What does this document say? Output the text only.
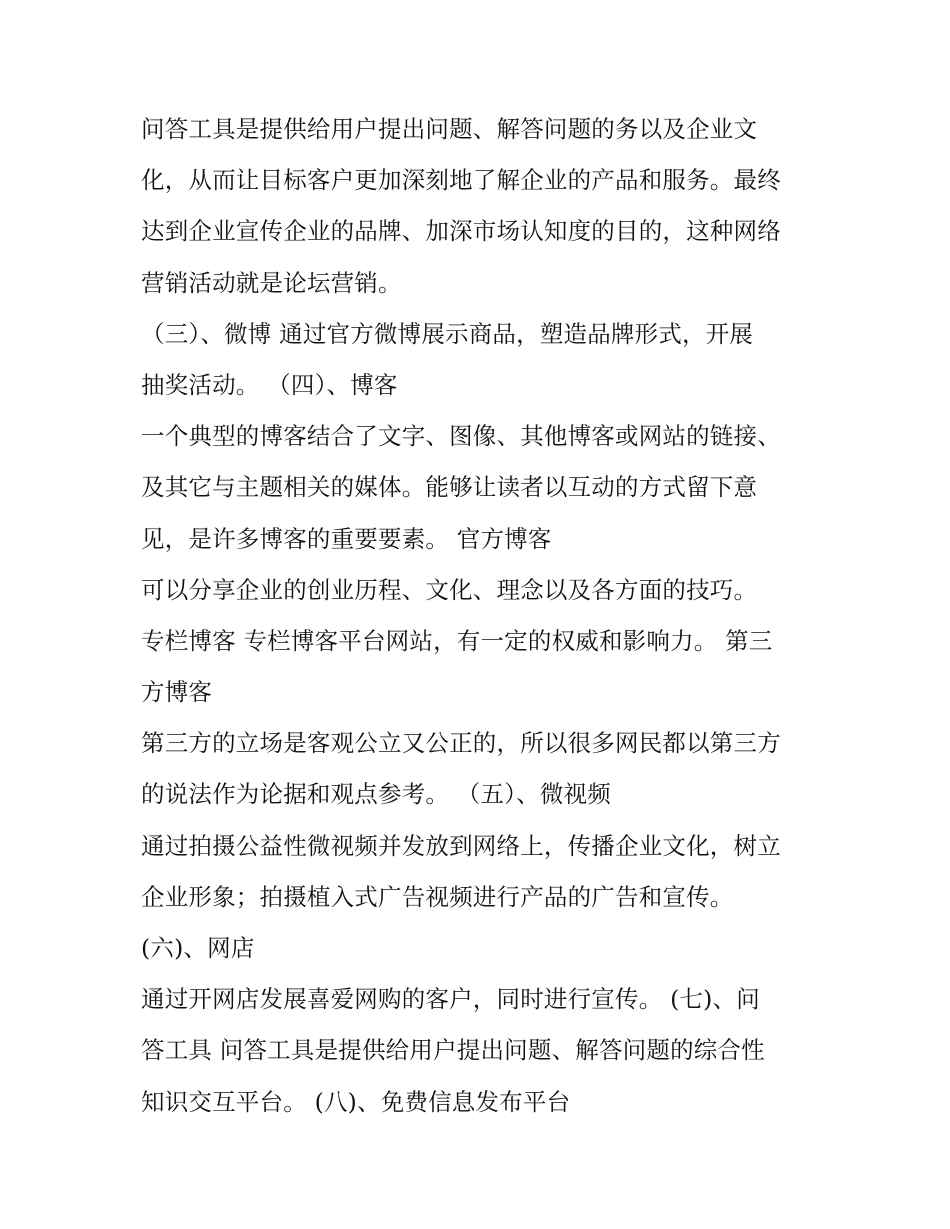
问答工具是提供给用户提出问题、解答问题的务以及企业文
化，从而让目标客户更加深刻地了解企业的产品和服务。最终
达到企业宣传企业的品牌、加深市场认知度的目的，这种网络
营销活动就是论坛营销。
（三）、微博 通过官方微博展示商品，塑造品牌形式，开展
抽奖活动。 （四）、博客
一个典型的博客结合了文字、图像、其他博客或网站的链接、
及其它与主题相关的媒体。能够让读者以互动的方式留下意
见，是许多博客的重要要素。 官方博客
可以分享企业的创业历程、文化、理念以及各方面的技巧。
专栏博客 专栏博客平台网站，有一定的权威和影响力。 第三
方博客
第三方的立场是客观公立又公正的，所以很多网民都以第三方
的说法作为论据和观点参考。 （五）、微视频
通过拍摄公益性微视频并发放到网络上，传播企业文化，树立
企业形象；拍摄植入式广告视频进行产品的广告和宣传。
(六)、网店
通过开网店发展喜爱网购的客户，同时进行宣传。 (七)、问
答工具 问答工具是提供给用户提出问题、解答问题的综合性
知识交互平台。 (八)、免费信息发布平台
